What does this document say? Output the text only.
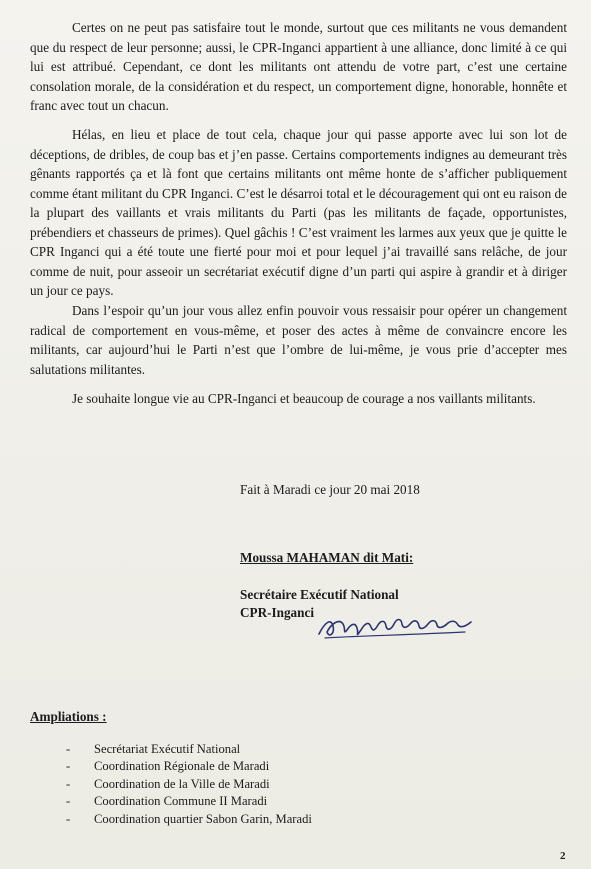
Certes on ne peut pas satisfaire tout le monde, surtout que ces militants ne vous demandent que du respect de leur personne; aussi, le CPR-Inganci appartient à une alliance, donc limité à ce qui lui est attribué. Cependant, ce dont les militants ont attendu de votre part, c’est une certaine consolation morale, de la considération et du respect, un comportement digne, honorable, honnête et franc avec tout un chacun.

Hélas, en lieu et place de tout cela, chaque jour qui passe apporte avec lui son lot de déceptions, de dribles, de coup bas et j’en passe. Certains comportements indignes au demeurant très gênants rapportés ça et là font que certains militants ont même honte de s’afficher publiquement comme étant militant du CPR Inganci. C’est le désarroi total et le découragement qui ont eu raison de la plupart des vaillants et vrais militants du Parti (pas les militants de façade, opportunistes, prébendiers et chasseurs de primes). Quel gâchis ! C’est vraiment les larmes aux yeux que je quitte le CPR Inganci qui a été toute une fierté pour moi et pour lequel j’ai travaillé sans relâche, de jour comme de nuit, pour asseoir un secrétariat exécutif digne d’un parti qui aspire à grandir et à diriger un jour ce pays.

Dans l’espoir qu’un jour vous allez enfin pouvoir vous ressaisir pour opérer un changement radical de comportement en vous-même, et poser des actes à même de convaincre encore les militants, car aujourd’hui le Parti n’est que l’ombre de lui-même, je vous prie d’accepter mes salutations militantes.

Je souhaite longue vie au CPR-Inganci et beaucoup de courage a nos vaillants militants.

Fait à Maradi ce jour 20 mai 2018

Moussa MAHAMAN dit Mati:

Secrétaire Exécutif National

CPR-Inganci

Ampliations :

- Secrétariat Exécutif National
- Coordination Régionale de Maradi
- Coordination de la Ville de Maradi
- Coordination Commune II Maradi
- Coordination quartier Sabon Garin, Maradi
2
